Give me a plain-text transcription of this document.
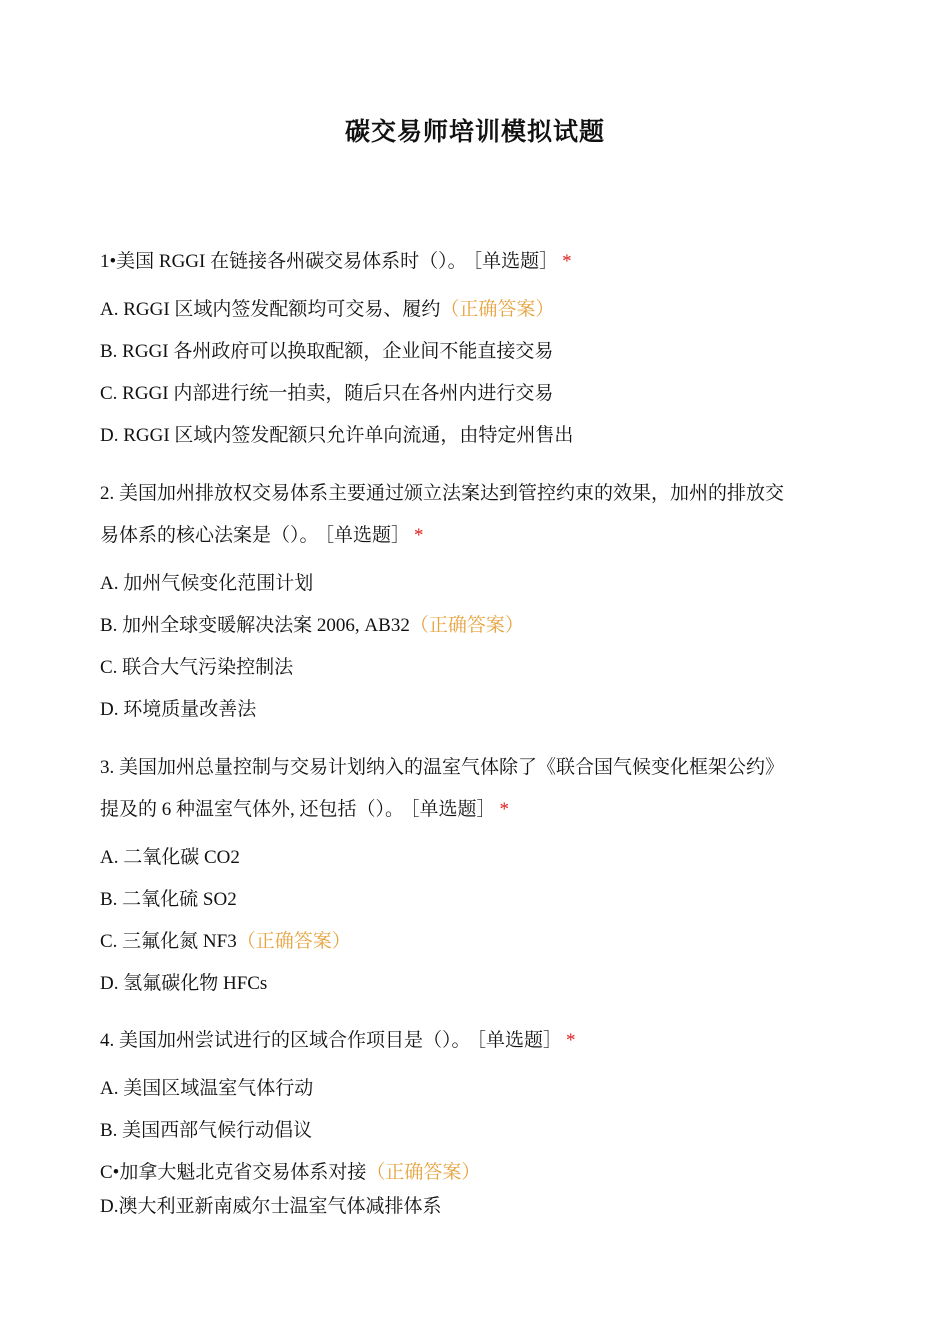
碳交易师培训模拟试题
1•美国 RGGI 在链接各州碳交易体系时（）。 ［单选题］ *
A. RGGI 区域内签发配额均可交易、履约（正确答案）
B. RGGI 各州政府可以换取配额，企业间不能直接交易
C. RGGI 内部进行统一拍卖，随后只在各州内进行交易
D. RGGI 区域内签发配额只允许单向流通，由特定州售出
2. 美国加州排放权交易体系主要通过颁立法案达到管控约束的效果，加州的排放交
易体系的核心法案是（）。 ［单选题］ *
A. 加州气候变化范围计划
B. 加州全球变暖解决法案 2006, AB32（正确答案）
C. 联合大气污染控制法
D. 环境质量改善法
3. 美国加州总量控制与交易计划纳入的温室气体除了《联合国气候变化框架公约》
提及的 6 种温室气体外, 还包括（）。 ［单选题］ *
A. 二氧化碳 CO2
B. 二氧化硫 SO2
C. 三氟化氮 NF3（正确答案）
D. 氢氟碳化物 HFCs
4. 美国加州尝试进行的区域合作项目是（）。 ［单选题］ *
A. 美国区域温室气体行动
B. 美国西部气候行动倡议
C•加拿大魁北克省交易体系对接（正确答案）
D.澳大利亚新南威尔士温室气体减排体系
